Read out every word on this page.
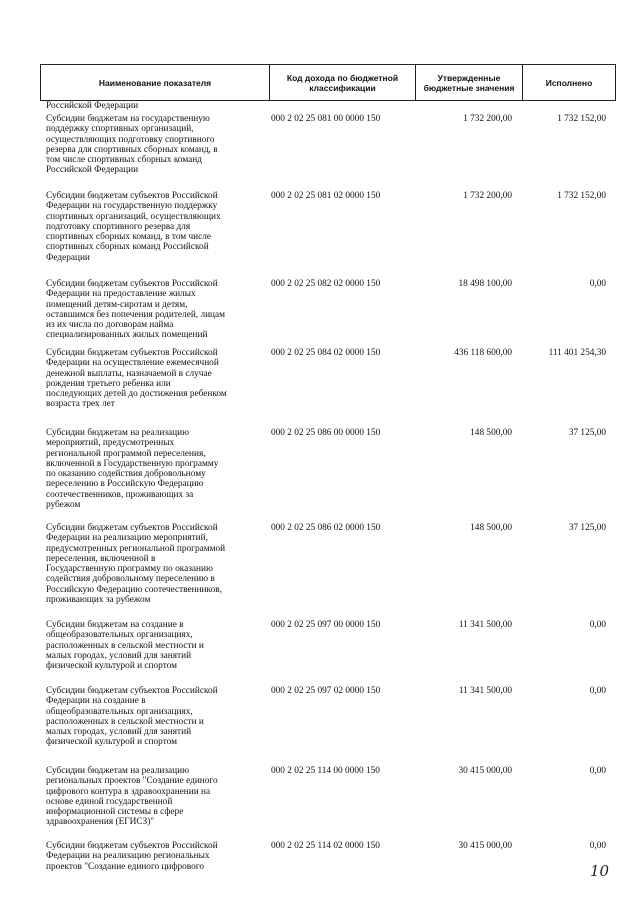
Наименование показателя	Код дохода по бюджетной классификации	Утвержденные бюджетные значения	Исполнено
Российской Федерации
Субсидии бюджетам на государственную
поддержку спортивных организаций,
осуществляющих подготовку спортивного
резерва для спортивных сборных команд, в
том числе спортивных сборных команд
Российской Федерации
000 2 02 25 081 00 0000 150	1 732 200,00	1 732 152,00
Субсидии бюджетам субъектов Российской
Федерации на государственную поддержку
спортивных организаций, осуществляющих
подготовку спортивного резерва для
спортивных сборных команд, в том числе
спортивных сборных команд Российской
Федерации
000 2 02 25 081 02 0000 150	1 732 200,00	1 732 152,00
Субсидии бюджетам субъектов Российской
Федерации на предоставление жилых
помещений детям-сиротам и детям,
оставшимся без попечения родителей, лицам
из их числа по договорам найма
специализированных жилых помещений
000 2 02 25 082 02 0000 150	18 498 100,00	0,00
Субсидии бюджетам субъектов Российской
Федерации на осуществление ежемесячной
денежной выплаты, назначаемой в случае
рождения третьего ребенка или
последующих детей до достижения ребенком
возраста трех лет
000 2 02 25 084 02 0000 150	436 118 600,00	111 401 254,30
Субсидии бюджетам на реализацию
мероприятий, предусмотренных
региональной программой переселения,
включенной в Государственную программу
по оказанию содействия добровольному
переселению в Российскую Федерацию
соотечественников, проживающих за
рубежом
000 2 02 25 086 00 0000 150	148 500,00	37 125,00
Субсидии бюджетам субъектов Российской
Федерации на реализацию мероприятий,
предусмотренных региональной программой
переселения, включенной в
Государственную программу по оказанию
содействия добровольному переселению в
Российскую Федерацию соотечественников,
проживающих за рубежом
000 2 02 25 086 02 0000 150	148 500,00	37 125,00
Субсидии бюджетам на создание в
общеобразовательных организациях,
расположенных в сельской местности и
малых городах, условий для занятий
физической культурой и спортом
000 2 02 25 097 00 0000 150	11 341 500,00	0,00
Субсидии бюджетам субъектов Российской
Федерации на создание в
общеобразовательных организациях,
расположенных в сельской местности и
малых городах, условий для занятий
физической культурой и спортом
000 2 02 25 097 02 0000 150	11 341 500,00	0,00
Субсидии бюджетам на реализацию
региональных проектов "Создание единого
цифрового контура в здравоохранении на
основе единой государственной
информационной системы в сфере
здравоохранения (ЕГИСЗ)"
000 2 02 25 114 00 0000 150	30 415 000,00	0,00
Субсидии бюджетам субъектов Российской
Федерации на реализацию региональных
проектов "Создание единого цифрового
000 2 02 25 114 02 0000 150	30 415 000,00	0,00
10
